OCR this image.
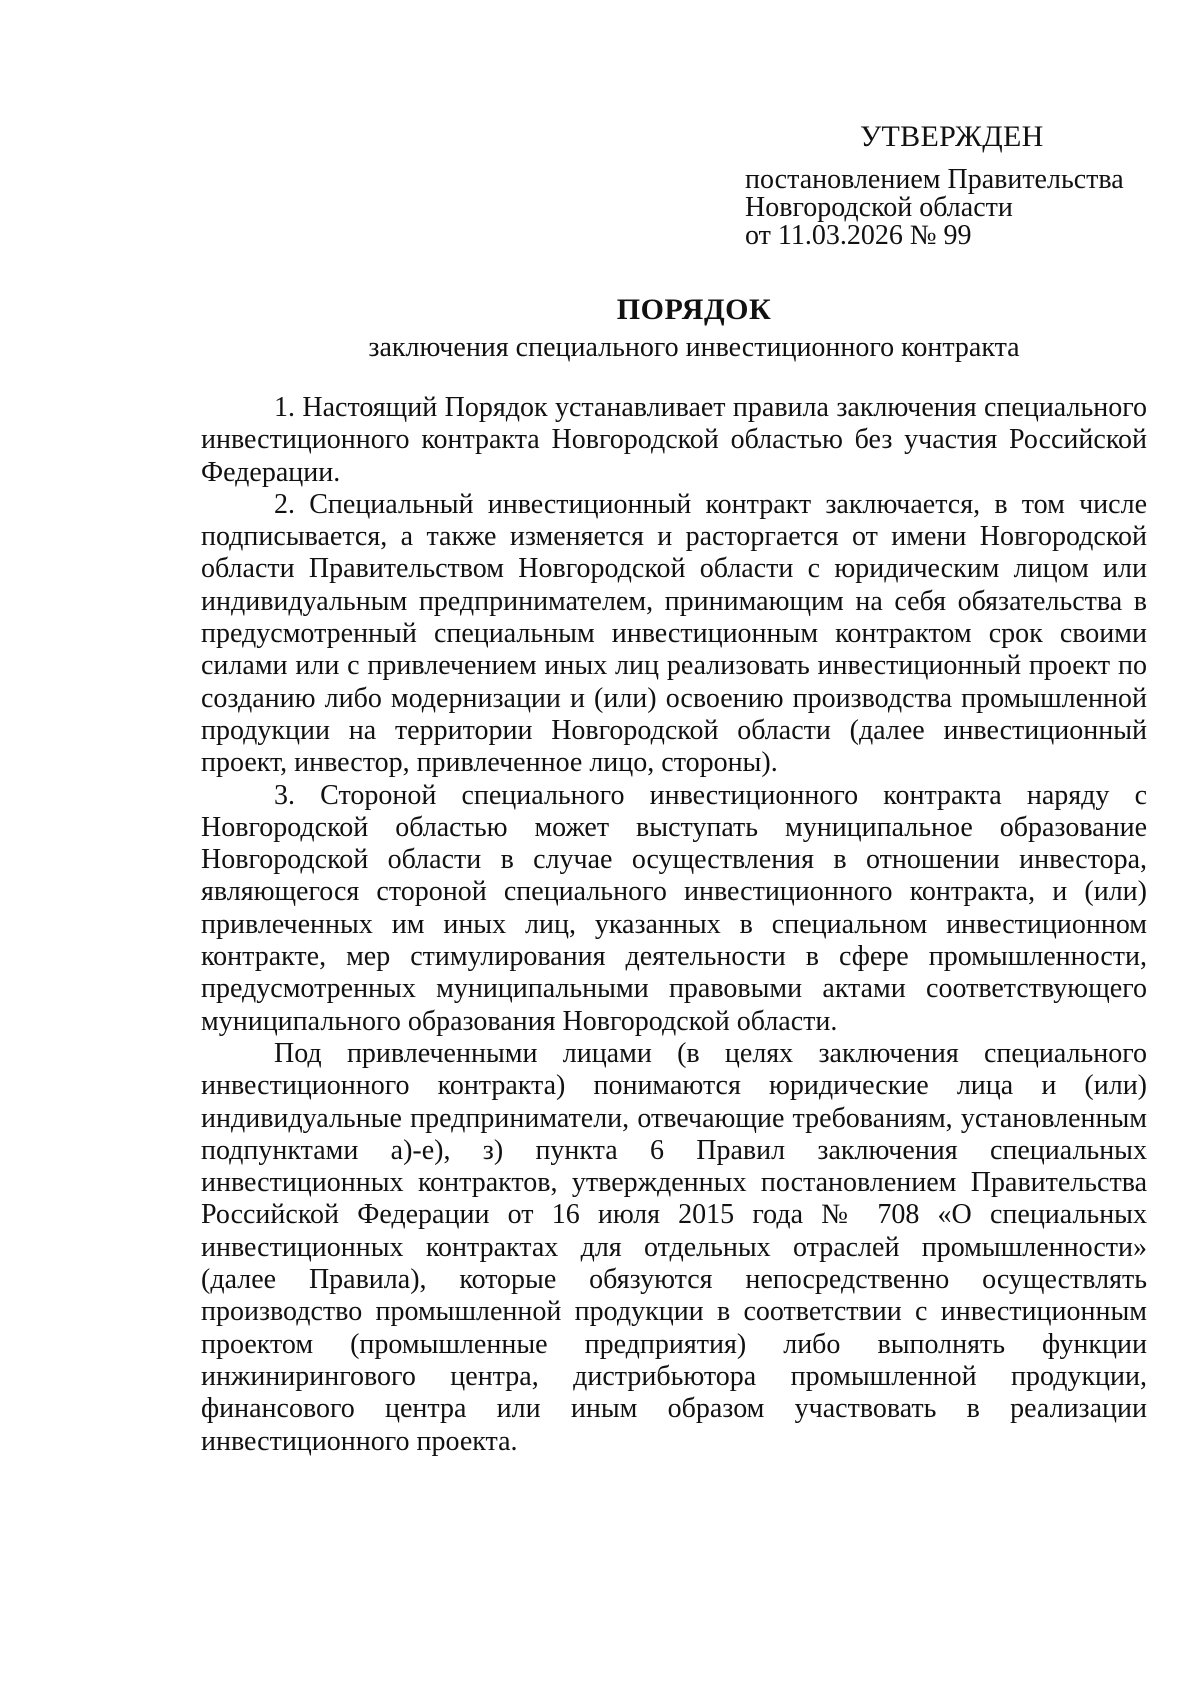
УТВЕРЖДЕН
постановлением Правительства
Новгородской области
от 11.03.2026 № 99
ПОРЯДОК
заключения специального инвестиционного контракта

1. Настоящий Порядок устанавливает правила заключения специального инвестиционного контракта Новгородской областью без участия Российской Федерации.

2. Специальный инвестиционный контракт заключается, в том числе подписывается, а также изменяется и расторгается от имени Новгородской области Правительством Новгородской области с юридическим лицом или индивидуальным предпринимателем, принимающим на себя обязательства в предусмотренный специальным инвестиционным контрактом срок своими силами или с привлечением иных лиц реализовать инвестиционный проект по созданию либо модернизации и (или) освоению производства промышленной продукции на территории Новгородской области (далее инвестиционный проект, инвестор, привлеченное лицо, стороны).

3. Стороной специального инвестиционного контракта наряду с Новгородской областью может выступать муниципальное образование Новгородской области в случае осуществления в отношении инвестора, являющегося стороной специального инвестиционного контракта, и (или) привлеченных им иных лиц, указанных в специальном инвестиционном контракте, мер стимулирования деятельности в сфере промышленности, предусмотренных муниципальными правовыми актами соответствующего муниципального образования Новгородской области.

Под привлеченными лицами (в целях заключения специального инвестиционного контракта) понимаются юридические лица и (или) индивидуальные предприниматели, отвечающие требованиям, установленным подпунктами а)-е), з) пункта 6 Правил заключения специальных инвестиционных контрактов, утвержденных постановлением Правительства Российской Федерации от 16 июля 2015 года № 708 «О специальных инвестиционных контрактах для отдельных отраслей промышленности» (далее Правила), которые обязуются непосредственно осуществлять производство промышленной продукции в соответствии с инвестиционным проектом (промышленные предприятия) либо выполнять функции инжинирингового центра, дистрибьютора промышленной продукции, финансового центра или иным образом участвовать в реализации инвестиционного проекта.
